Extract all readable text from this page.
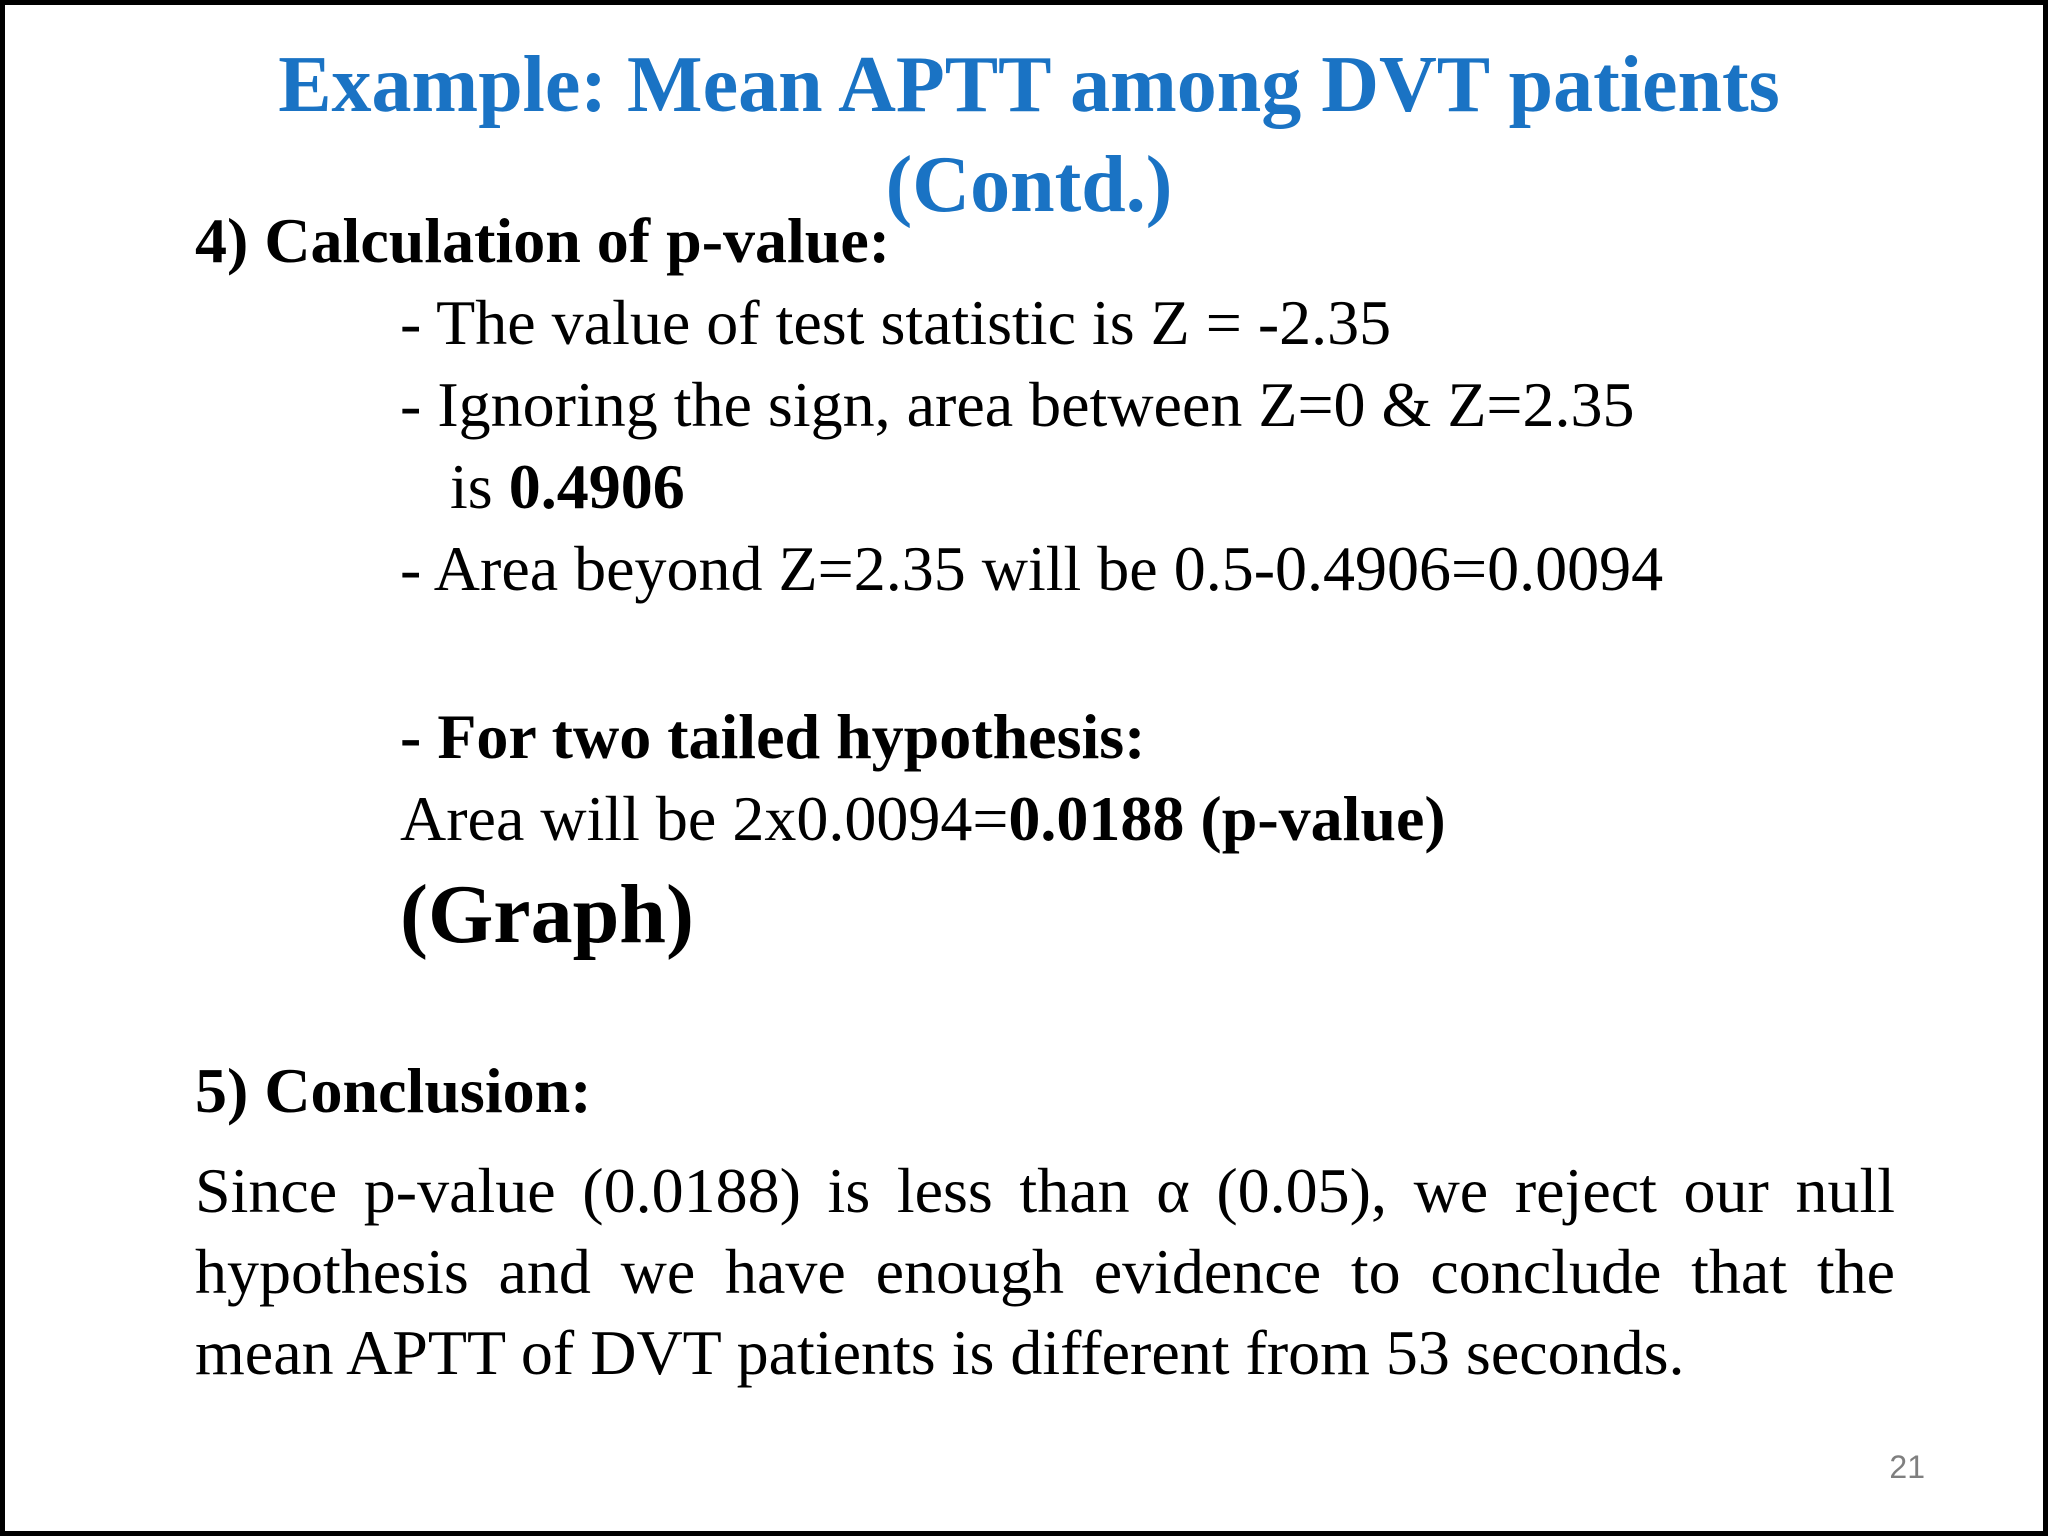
Example: Mean APTT among DVT patients
(Contd.)
4) Calculation of p-value:
- The value of test statistic is Z = -2.35
- Ignoring the sign, area between Z=0 & Z=2.35
is 0.4906
- Area beyond Z=2.35 will be 0.5-0.4906=0.0094
- For two tailed hypothesis:
Area will be 2x0.0094=0.0188 (p-value)
(Graph)
5) Conclusion:

Since p-value (0.0188) is less than α (0.05), we reject our null hypothesis and we have enough evidence to conclude that the mean APTT of DVT patients is different from 53 seconds.

21
